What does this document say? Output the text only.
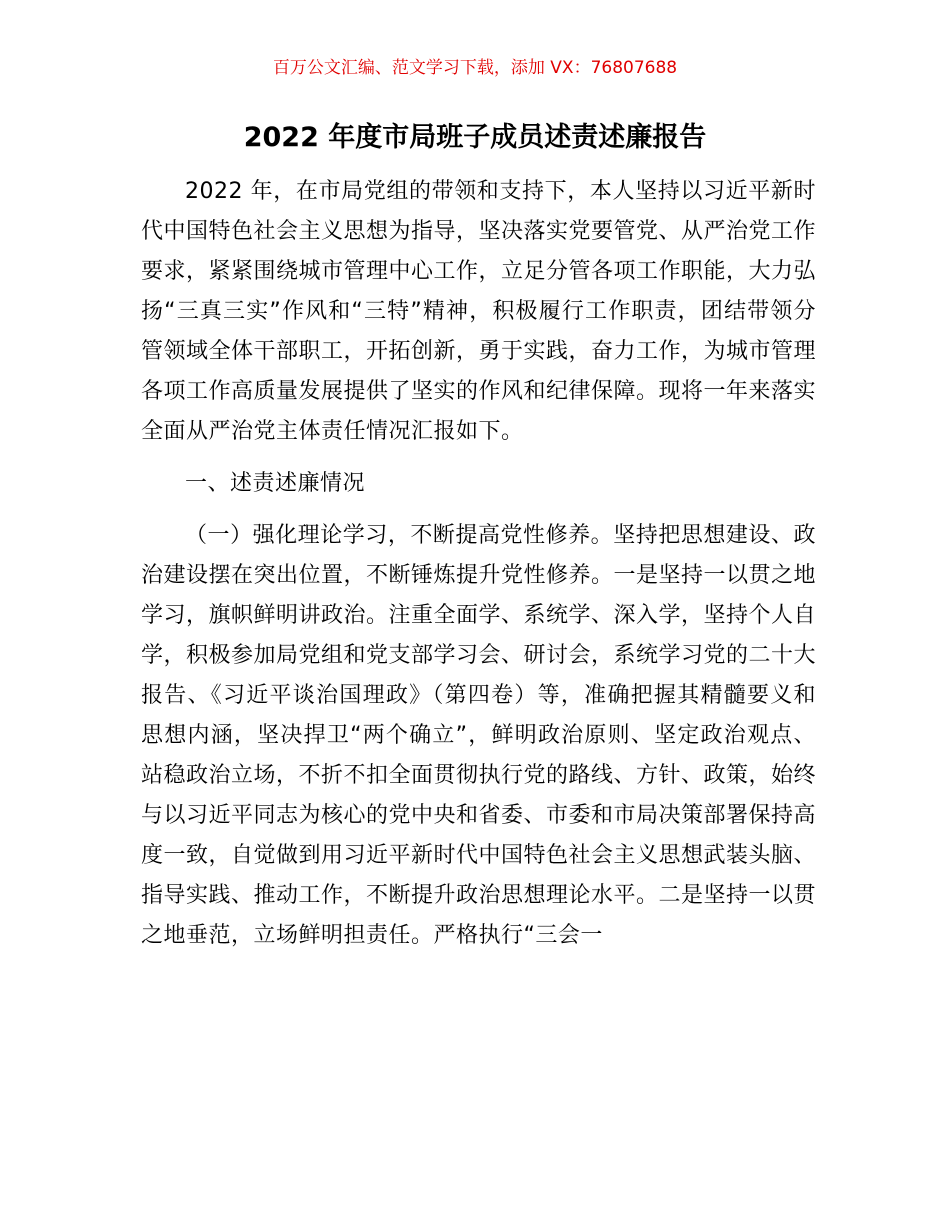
百万公文汇编、范文学习下载，添加 VX：76807688
2022 年度市局班子成员述责述廉报告

2022 年，在市局党组的带领和支持下，本人坚持以习近平新时代中国特色社会主义思想为指导，坚决落实党要管党、从严治党工作要求，紧紧围绕城市管理中心工作，立足分管各项工作职能，大力弘扬“三真三实”作风和“三特”精神，积极履行工作职责，团结带领分管领域全体干部职工，开拓创新，勇于实践，奋力工作，为城市管理各项工作高质量发展提供了坚实的作风和纪律保障。现将一年来落实全面从严治党主体责任情况汇报如下。

一、述责述廉情况

（一）强化理论学习，不断提高党性修养。坚持把思想建设、政治建设摆在突出位置，不断锤炼提升党性修养。一是坚持一以贯之地学习，旗帜鲜明讲政治。注重全面学、系统学、深入学，坚持个人自学，积极参加局党组和党支部学习会、研讨会，系统学习党的二十大报告、《习近平谈治国理政》（第四卷）等，准确把握其精髓要义和思想内涵，坚决捍卫“两个确立”，鲜明政治原则、坚定政治观点、站稳政治立场，不折不扣全面贯彻执行党的路线、方针、政策，始终与以习近平同志为核心的党中央和省委、市委和市局决策部署保持高度一致，自觉做到用习近平新时代中国特色社会主义思想武装头脑、指导实践、推动工作，不断提升政治思想理论水平。二是坚持一以贯之地垂范，立场鲜明担责任。严格执行“三会一
